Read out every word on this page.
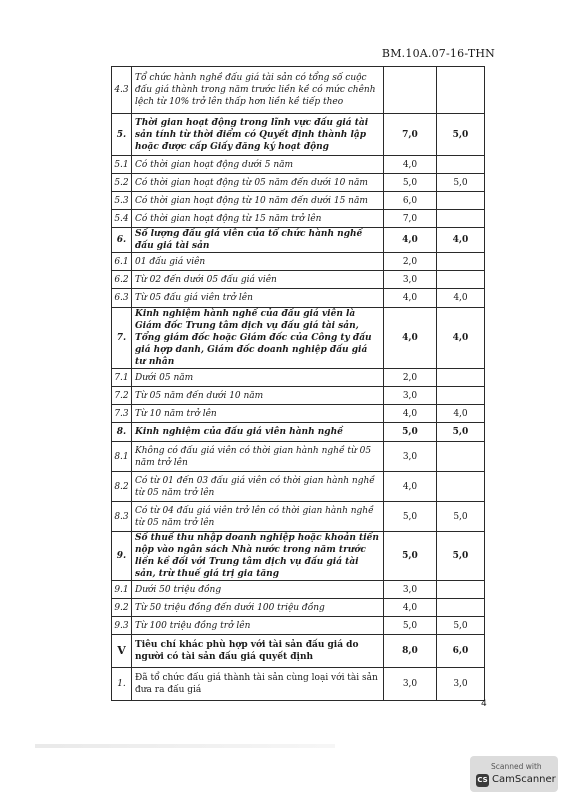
BM.10A.07-16-THN
4.3	Tổ chức hành nghề đấu giá tài sản có tổng số cuộc đấu giá thành trong năm trước liền kề có mức chênh lệch từ 10% trở lên thấp hơn liền kề tiếp theo		
5.	Thời gian hoạt động trong lĩnh vực đấu giá tài sản tính từ thời điểm có Quyết định thành lập hoặc được cấp Giấy đăng ký hoạt động	7,0	5,0
5.1	Có thời gian hoạt động dưới 5 năm	4,0	
5.2	Có thời gian hoạt động từ 05 năm đến dưới 10 năm	5,0	5,0
5.3	Có thời gian hoạt động từ 10 năm đến dưới 15 năm	6,0	
5.4	Có thời gian hoạt động từ 15 năm trở lên	7,0	
6.	Số lượng đấu giá viên của tổ chức hành nghề đấu giá tài sản	4,0	4,0
6.1	01 đấu giá viên	2,0	
6.2	Từ 02 đến dưới 05 đấu giá viên	3,0	
6.3	Từ 05 đấu giá viên trở lên	4,0	4,0
7.	Kinh nghiệm hành nghề của đấu giá viên là Giám đốc Trung tâm dịch vụ đấu giá tài sản, Tổng giám đốc hoặc Giám đốc của Công ty đấu giá hợp danh, Giám đốc doanh nghiệp đấu giá tư nhân	4,0	4,0
7.1	Dưới 05 năm	2,0	
7.2	Từ 05 năm đến dưới 10 năm	3,0	
7.3	Từ 10 năm trở lên	4,0	4,0
8.	Kinh nghiệm của đấu giá viên hành nghề	5,0	5,0
8.1	Không có đấu giá viên có thời gian hành nghề từ 05 năm trở lên	3,0	
8.2	Có từ 01 đến 03 đấu giá viên có thời gian hành nghề từ 05 năm trở lên	4,0	
8.3	Có từ 04 đấu giá viên trở lên có thời gian hành nghề từ 05 năm trở lên	5,0	5,0
9.	Số thuế thu nhập doanh nghiệp hoặc khoản tiền nộp vào ngân sách Nhà nước trong năm trước liền kề đối với Trung tâm dịch vụ đấu giá tài sản, trừ thuế giá trị gia tăng	5,0	5,0
9.1	Dưới 50 triệu đồng	3,0	
9.2	Từ 50 triệu đồng đến dưới 100 triệu đồng	4,0	
9.3	Từ 100 triệu đồng trở lên	5,0	5,0
V	Tiêu chí khác phù hợp với tài sản đấu giá do người có tài sản đấu giá quyết định	8,0	6,0
1.	Đã tổ chức đấu giá thành tài sản cùng loại với tài sản đưa ra đấu giá	3,0	3,0
4
Scanned with
CS CamScanner
